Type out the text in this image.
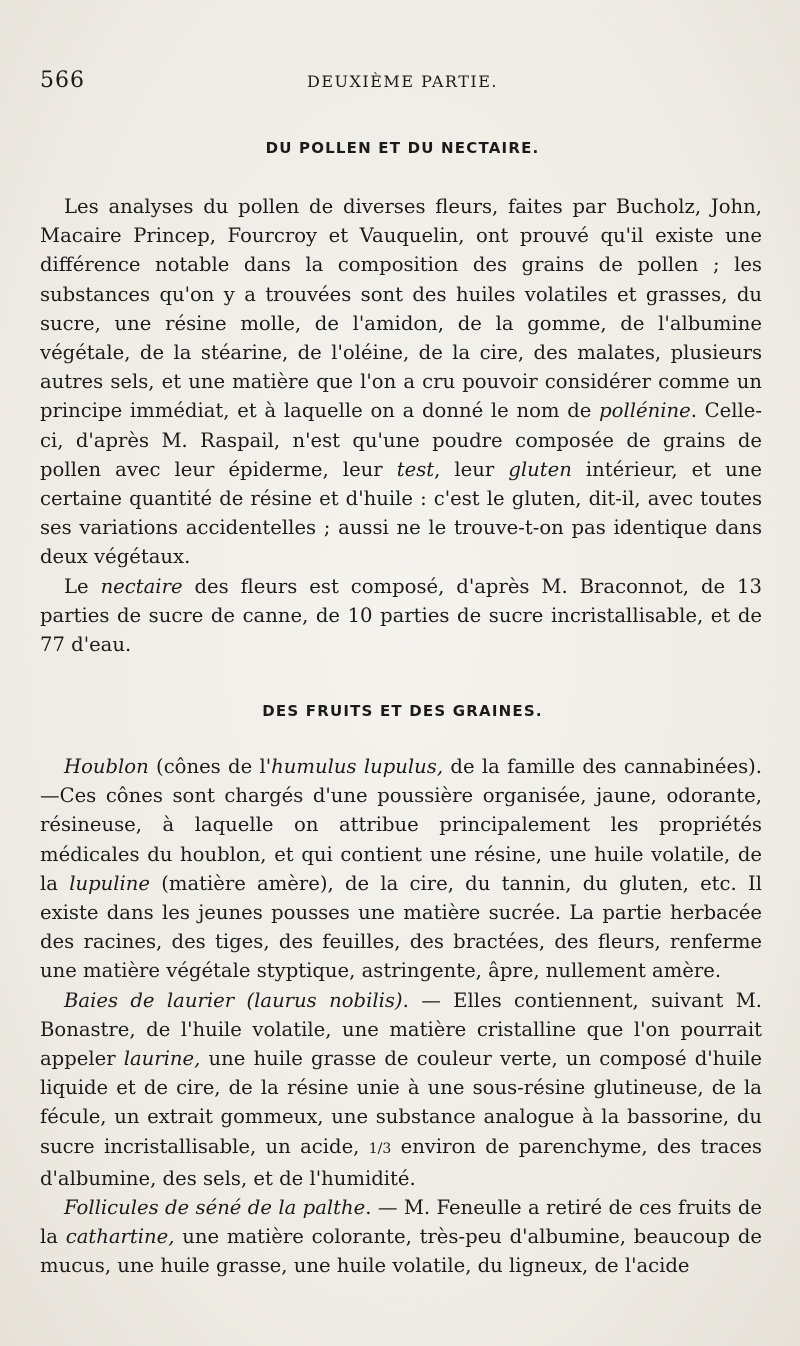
566	DEUXIÈME PARTIE.
DU POLLEN ET DU NECTAIRE.

Les analyses du pollen de diverses fleurs, faites par Bucholz, John, Macaire Princep, Fourcroy et Vauquelin, ont prouvé qu'il existe une différence notable dans la composition des grains de pollen ; les substances qu'on y a trouvées sont des huiles volatiles et grasses, du sucre, une résine molle, de l'amidon, de la gomme, de l'albumine végétale, de la stéarine, de l'oléine, de la cire, des malates, plusieurs autres sels, et une matière que l'on a cru pouvoir considérer comme un principe immédiat, et à laquelle on a donné le nom de pollénine. Celle-ci, d'après M. Raspail, n'est qu'une poudre composée de grains de pollen avec leur épiderme, leur test, leur gluten intérieur, et une certaine quantité de résine et d'huile : c'est le gluten, dit-il, avec toutes ses variations accidentelles ; aussi ne le trouve-t-on pas identique dans deux végétaux.

Le nectaire des fleurs est composé, d'après M. Braconnot, de 13 parties de sucre de canne, de 10 parties de sucre incristallisable, et de 77 d'eau.

DES FRUITS ET DES GRAINES.

Houblon (cônes de l'humulus lupulus, de la famille des cannabinées). —Ces cônes sont chargés d'une poussière organisée, jaune, odorante, résineuse, à laquelle on attribue principalement les propriétés médicales du houblon, et qui contient une résine, une huile volatile, de la lupuline (matière amère), de la cire, du tannin, du gluten, etc. Il existe dans les jeunes pousses une matière sucrée. La partie herbacée des racines, des tiges, des feuilles, des bractées, des fleurs, renferme une matière végétale styptique, astringente, âpre, nullement amère.

Baies de laurier (laurus nobilis). — Elles contiennent, suivant M. Bonastre, de l'huile volatile, une matière cristalline que l'on pourrait appeler laurine, une huile grasse de couleur verte, un composé d'huile liquide et de cire, de la résine unie à une sous-résine glutineuse, de la fécule, un extrait gommeux, une substance analogue à la bassorine, du sucre incristallisable, un acide, 1/3 environ de parenchyme, des traces d'albumine, des sels, et de l'humidité.

Follicules de séné de la palthe. — M. Feneulle a retiré de ces fruits de la cathartine, une matière colorante, très-peu d'albumine, beaucoup de mucus, une huile grasse, une huile volatile, du ligneux, de l'acide
